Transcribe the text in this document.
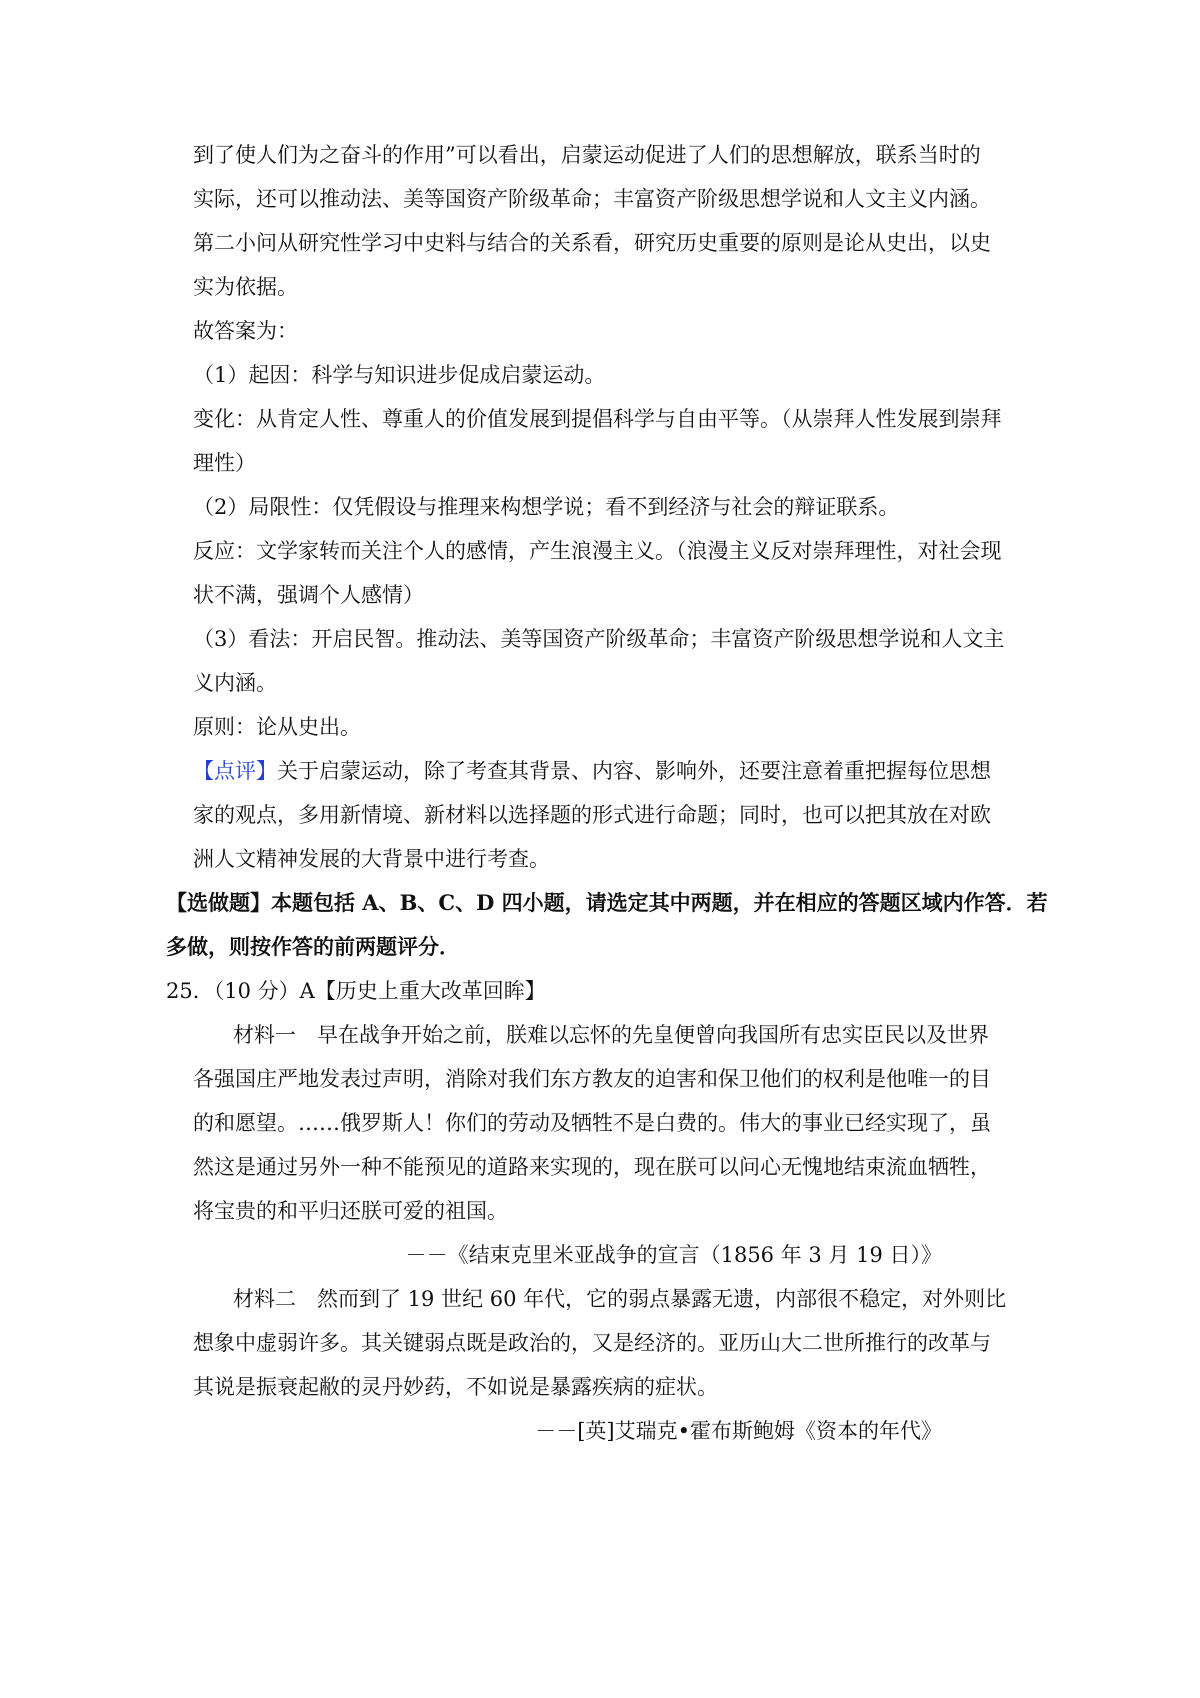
到了使人们为之奋斗的作用”可以看出，启蒙运动促进了人们的思想解放，联系当时的
实际，还可以推动法、美等国资产阶级革命；丰富资产阶级思想学说和人文主义内涵。
第二小问从研究性学习中史料与结合的关系看，研究历史重要的原则是论从史出，以史
实为依据。
故答案为：
（1）起因：科学与知识进步促成启蒙运动。
变化：从肯定人性、尊重人的价值发展到提倡科学与自由平等。（从崇拜人性发展到崇拜
理性）
（2）局限性：仅凭假设与推理来构想学说；看不到经济与社会的辩证联系。
反应：文学家转而关注个人的感情，产生浪漫主义。（浪漫主义反对崇拜理性，对社会现
状不满，强调个人感情）
（3）看法：开启民智。推动法、美等国资产阶级革命；丰富资产阶级思想学说和人文主
义内涵。
原则：论从史出。
【点评】关于启蒙运动，除了考查其背景、内容、影响外，还要注意着重把握每位思想
家的观点，多用新情境、新材料以选择题的形式进行命题；同时，也可以把其放在对欧
洲人文精神发展的大背景中进行考查。
【选做题】本题包括 A、B、C、D 四小题，请选定其中两题，并在相应的答题区域内作答．若
多做，则按作答的前两题评分．
25．（10 分）A【历史上重大改革回眸】
材料一　早在战争开始之前，朕难以忘怀的先皇便曾向我国所有忠实臣民以及世界
各强国庄严地发表过声明，消除对我们东方教友的迫害和保卫他们的权利是他唯一的目
的和愿望。……俄罗斯人！你们的劳动及牺牲不是白费的。伟大的事业已经实现了，虽
然这是通过另外一种不能预见的道路来实现的，现在朕可以问心无愧地结束流血牺牲，
将宝贵的和平归还朕可爱的祖国。
－－《结束克里米亚战争的宣言（1856 年 3 月 19 日）》
材料二　然而到了 19 世纪 60 年代，它的弱点暴露无遗，内部很不稳定，对外则比
想象中虚弱许多。其关键弱点既是政治的，又是经济的。亚历山大二世所推行的改革与
其说是振衰起敝的灵丹妙药，不如说是暴露疾病的症状。
－－[英]艾瑞克•霍布斯鲍姆《资本的年代》
